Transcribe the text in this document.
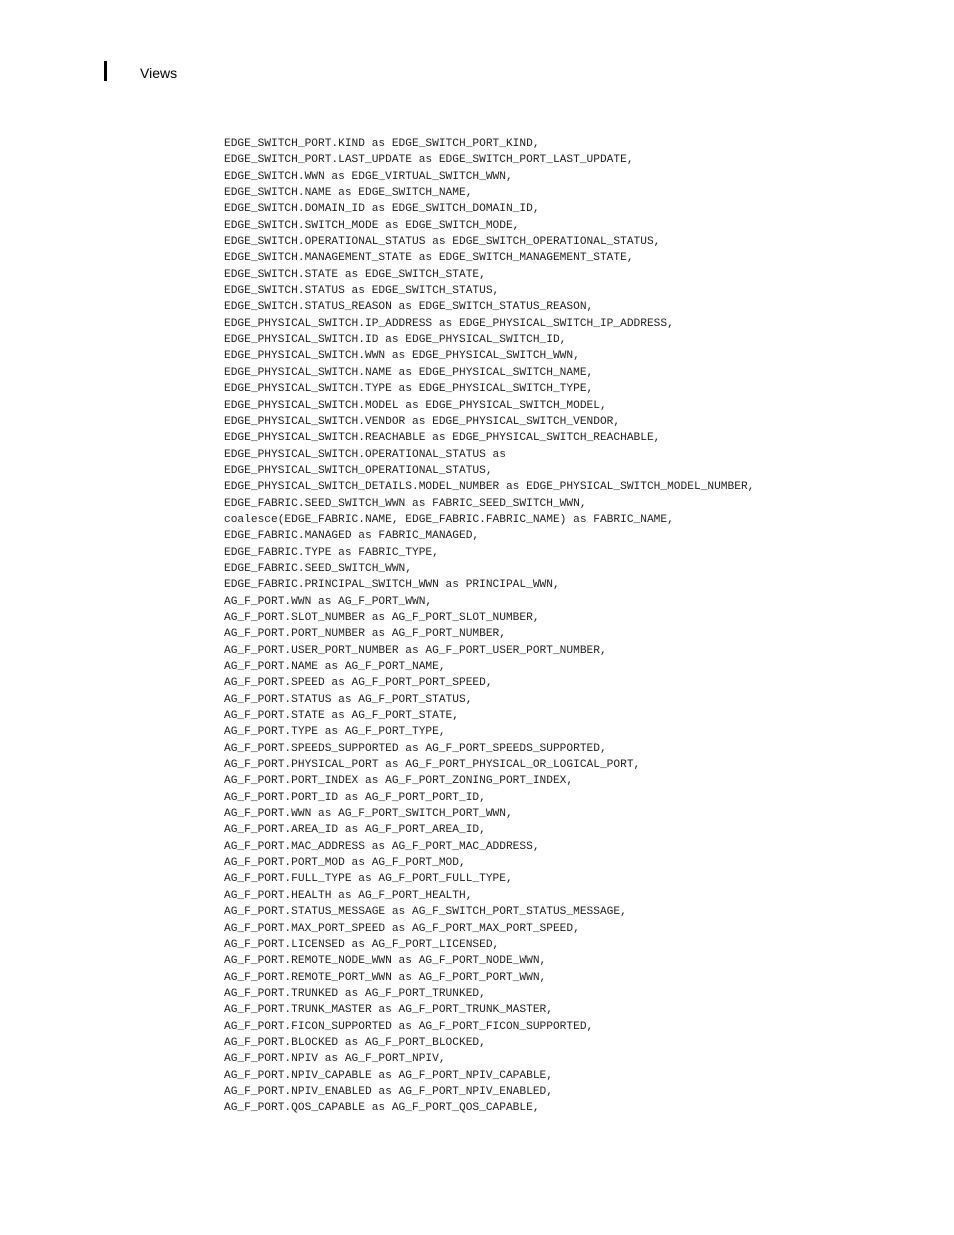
Views
EDGE_SWITCH_PORT.KIND as EDGE_SWITCH_PORT_KIND,
EDGE_SWITCH_PORT.LAST_UPDATE as EDGE_SWITCH_PORT_LAST_UPDATE,
EDGE_SWITCH.WWN as EDGE_VIRTUAL_SWITCH_WWN,
EDGE_SWITCH.NAME as EDGE_SWITCH_NAME,
EDGE_SWITCH.DOMAIN_ID as EDGE_SWITCH_DOMAIN_ID,
EDGE_SWITCH.SWITCH_MODE as EDGE_SWITCH_MODE,
EDGE_SWITCH.OPERATIONAL_STATUS as EDGE_SWITCH_OPERATIONAL_STATUS,
EDGE_SWITCH.MANAGEMENT_STATE as EDGE_SWITCH_MANAGEMENT_STATE,
EDGE_SWITCH.STATE as EDGE_SWITCH_STATE,
EDGE_SWITCH.STATUS as EDGE_SWITCH_STATUS,
EDGE_SWITCH.STATUS_REASON as EDGE_SWITCH_STATUS_REASON,
EDGE_PHYSICAL_SWITCH.IP_ADDRESS as EDGE_PHYSICAL_SWITCH_IP_ADDRESS,
EDGE_PHYSICAL_SWITCH.ID as EDGE_PHYSICAL_SWITCH_ID,
EDGE_PHYSICAL_SWITCH.WWN as EDGE_PHYSICAL_SWITCH_WWN,
EDGE_PHYSICAL_SWITCH.NAME as EDGE_PHYSICAL_SWITCH_NAME,
EDGE_PHYSICAL_SWITCH.TYPE as EDGE_PHYSICAL_SWITCH_TYPE,
EDGE_PHYSICAL_SWITCH.MODEL as EDGE_PHYSICAL_SWITCH_MODEL,
EDGE_PHYSICAL_SWITCH.VENDOR as EDGE_PHYSICAL_SWITCH_VENDOR,
EDGE_PHYSICAL_SWITCH.REACHABLE as EDGE_PHYSICAL_SWITCH_REACHABLE,
EDGE_PHYSICAL_SWITCH.OPERATIONAL_STATUS as
EDGE_PHYSICAL_SWITCH_OPERATIONAL_STATUS,
EDGE_PHYSICAL_SWITCH_DETAILS.MODEL_NUMBER as EDGE_PHYSICAL_SWITCH_MODEL_NUMBER,
EDGE_FABRIC.SEED_SWITCH_WWN as FABRIC_SEED_SWITCH_WWN,
coalesce(EDGE_FABRIC.NAME, EDGE_FABRIC.FABRIC_NAME) as FABRIC_NAME,
EDGE_FABRIC.MANAGED as FABRIC_MANAGED,
EDGE_FABRIC.TYPE as FABRIC_TYPE,
EDGE_FABRIC.SEED_SWITCH_WWN,
EDGE_FABRIC.PRINCIPAL_SWITCH_WWN as PRINCIPAL_WWN,
AG_F_PORT.WWN as AG_F_PORT_WWN,
AG_F_PORT.SLOT_NUMBER as AG_F_PORT_SLOT_NUMBER,
AG_F_PORT.PORT_NUMBER as AG_F_PORT_NUMBER,
AG_F_PORT.USER_PORT_NUMBER as AG_F_PORT_USER_PORT_NUMBER,
AG_F_PORT.NAME as AG_F_PORT_NAME,
AG_F_PORT.SPEED as AG_F_PORT_PORT_SPEED,
AG_F_PORT.STATUS as AG_F_PORT_STATUS,
AG_F_PORT.STATE as AG_F_PORT_STATE,
AG_F_PORT.TYPE as AG_F_PORT_TYPE,
AG_F_PORT.SPEEDS_SUPPORTED as AG_F_PORT_SPEEDS_SUPPORTED,
AG_F_PORT.PHYSICAL_PORT as AG_F_PORT_PHYSICAL_OR_LOGICAL_PORT,
AG_F_PORT.PORT_INDEX as AG_F_PORT_ZONING_PORT_INDEX,
AG_F_PORT.PORT_ID as AG_F_PORT_PORT_ID,
AG_F_PORT.WWN as AG_F_PORT_SWITCH_PORT_WWN,
AG_F_PORT.AREA_ID as AG_F_PORT_AREA_ID,
AG_F_PORT.MAC_ADDRESS as AG_F_PORT_MAC_ADDRESS,
AG_F_PORT.PORT_MOD as AG_F_PORT_MOD,
AG_F_PORT.FULL_TYPE as AG_F_PORT_FULL_TYPE,
AG_F_PORT.HEALTH as AG_F_PORT_HEALTH,
AG_F_PORT.STATUS_MESSAGE as AG_F_SWITCH_PORT_STATUS_MESSAGE,
AG_F_PORT.MAX_PORT_SPEED as AG_F_PORT_MAX_PORT_SPEED,
AG_F_PORT.LICENSED as AG_F_PORT_LICENSED,
AG_F_PORT.REMOTE_NODE_WWN as AG_F_PORT_NODE_WWN,
AG_F_PORT.REMOTE_PORT_WWN as AG_F_PORT_PORT_WWN,
AG_F_PORT.TRUNKED as AG_F_PORT_TRUNKED,
AG_F_PORT.TRUNK_MASTER as AG_F_PORT_TRUNK_MASTER,
AG_F_PORT.FICON_SUPPORTED as AG_F_PORT_FICON_SUPPORTED,
AG_F_PORT.BLOCKED as AG_F_PORT_BLOCKED,
AG_F_PORT.NPIV as AG_F_PORT_NPIV,
AG_F_PORT.NPIV_CAPABLE as AG_F_PORT_NPIV_CAPABLE,
AG_F_PORT.NPIV_ENABLED as AG_F_PORT_NPIV_ENABLED,
AG_F_PORT.QOS_CAPABLE as AG_F_PORT_QOS_CAPABLE,
